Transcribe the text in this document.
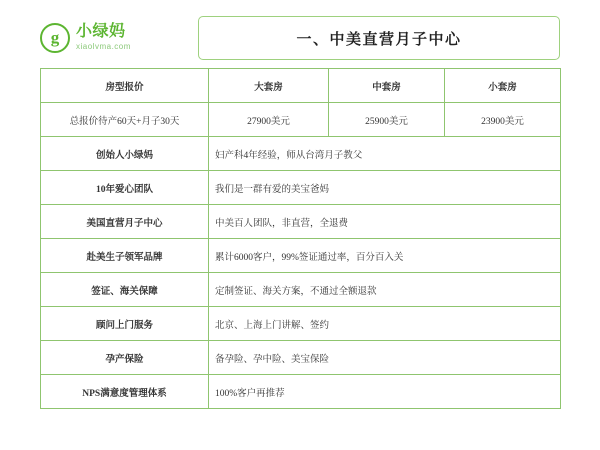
g	小绿妈
xiaolvma.com	一、中美直营月子中心
房型报价	大套房	中套房	小套房
总报价待产60天+月子30天	27900美元	25900美元	23900美元
创始人小绿妈	妇产科4年经验，师从台湾月子教父		
10年爱心团队	我们是一群有爱的美宝爸妈		
美国直营月子中心	中美百人团队，非直营，全退费		
赴美生子领军品牌	累计6000客户，99%签证通过率，百分百入关		
签证、海关保障	定制签证、海关方案，不通过全额退款		
顾问上门服务	北京、上海上门讲解、签约		
孕产保险	备孕险、孕中险、美宝保险		
NPS满意度管理体系	100%客户再推荐		
